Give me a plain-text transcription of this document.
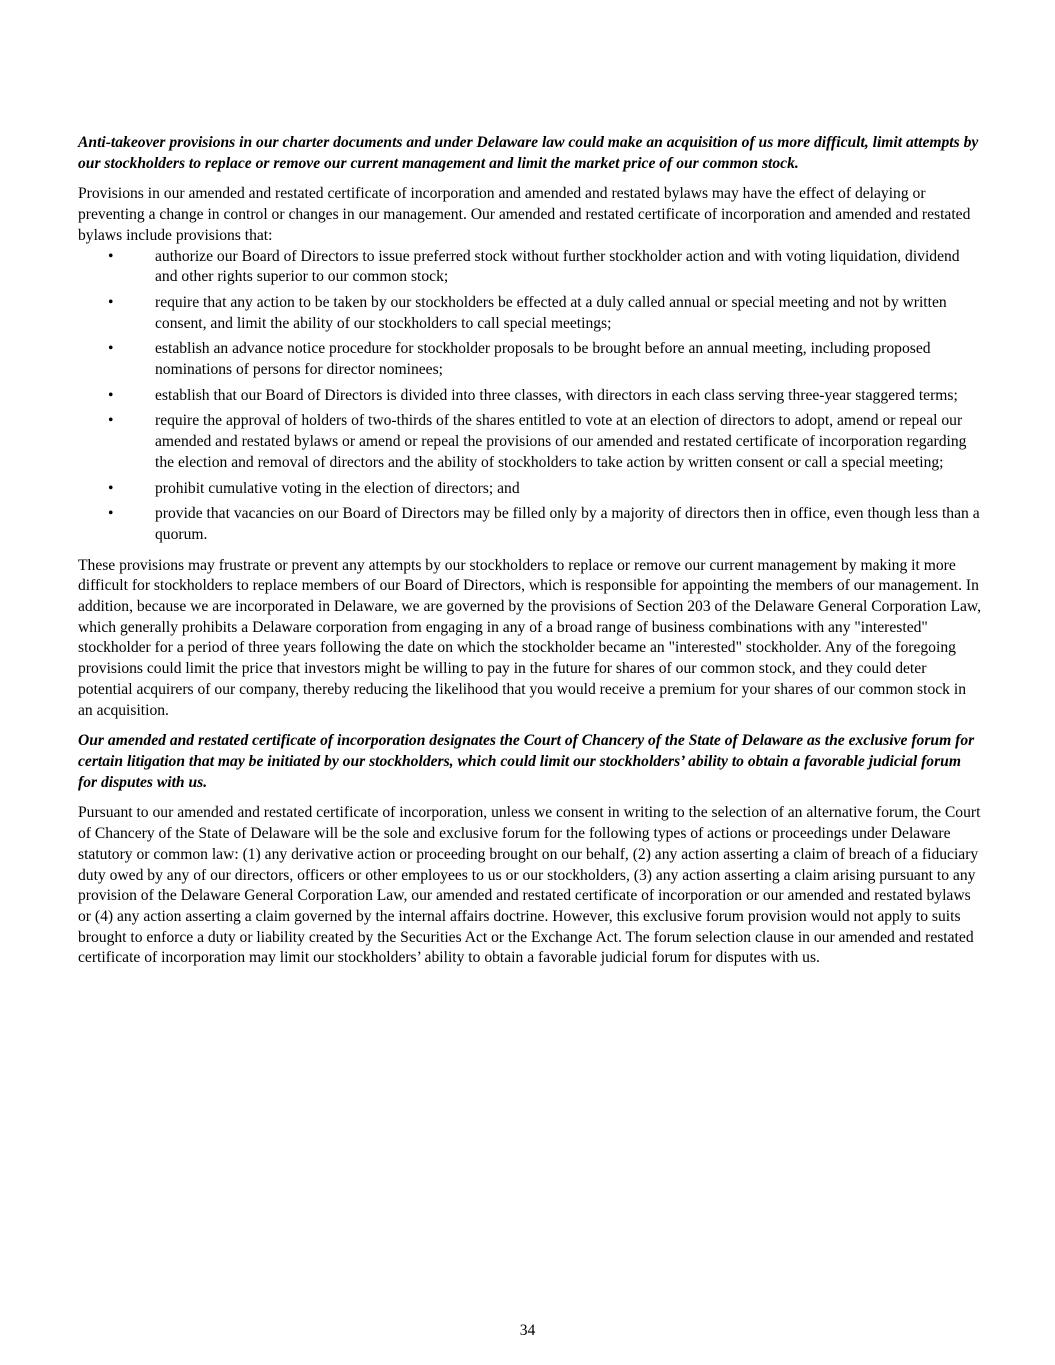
Anti-takeover provisions in our charter documents and under Delaware law could make an acquisition of us more difficult, limit attempts by our stockholders to replace or remove our current management and limit the market price of our common stock.

Provisions in our amended and restated certificate of incorporation and amended and restated bylaws may have the effect of delaying or preventing a change in control or changes in our management. Our amended and restated certificate of incorporation and amended and restated bylaws include provisions that:

•	authorize our Board of Directors to issue preferred stock without further stockholder action and with voting liquidation, dividend and other rights superior to our common stock;
•	require that any action to be taken by our stockholders be effected at a duly called annual or special meeting and not by written consent, and limit the ability of our stockholders to call special meetings;
•	establish an advance notice procedure for stockholder proposals to be brought before an annual meeting, including proposed nominations of persons for director nominees;
•	establish that our Board of Directors is divided into three classes, with directors in each class serving three-year staggered terms;
•	require the approval of holders of two-thirds of the shares entitled to vote at an election of directors to adopt, amend or repeal our amended and restated bylaws or amend or repeal the provisions of our amended and restated certificate of incorporation regarding the election and removal of directors and the ability of stockholders to take action by written consent or call a special meeting;
•	prohibit cumulative voting in the election of directors; and
•	provide that vacancies on our Board of Directors may be filled only by a majority of directors then in office, even though less than a quorum.

These provisions may frustrate or prevent any attempts by our stockholders to replace or remove our current management by making it more difficult for stockholders to replace members of our Board of Directors, which is responsible for appointing the members of our management. In addition, because we are incorporated in Delaware, we are governed by the provisions of Section 203 of the Delaware General Corporation Law, which generally prohibits a Delaware corporation from engaging in any of a broad range of business combinations with any "interested" stockholder for a period of three years following the date on which the stockholder became an "interested" stockholder. Any of the foregoing provisions could limit the price that investors might be willing to pay in the future for shares of our common stock, and they could deter potential acquirers of our company, thereby reducing the likelihood that you would receive a premium for your shares of our common stock in an acquisition.

Our amended and restated certificate of incorporation designates the Court of Chancery of the State of Delaware as the exclusive forum for certain litigation that may be initiated by our stockholders, which could limit our stockholders’ ability to obtain a favorable judicial forum for disputes with us.

Pursuant to our amended and restated certificate of incorporation, unless we consent in writing to the selection of an alternative forum, the Court of Chancery of the State of Delaware will be the sole and exclusive forum for the following types of actions or proceedings under Delaware statutory or common law: (1) any derivative action or proceeding brought on our behalf, (2) any action asserting a claim of breach of a fiduciary duty owed by any of our directors, officers or other employees to us or our stockholders, (3) any action asserting a claim arising pursuant to any provision of the Delaware General Corporation Law, our amended and restated certificate of incorporation or our amended and restated bylaws or (4) any action asserting a claim governed by the internal affairs doctrine. However, this exclusive forum provision would not apply to suits brought to enforce a duty or liability created by the Securities Act or the Exchange Act. The forum selection clause in our amended and restated certificate of incorporation may limit our stockholders’ ability to obtain a favorable judicial forum for disputes with us.

34
